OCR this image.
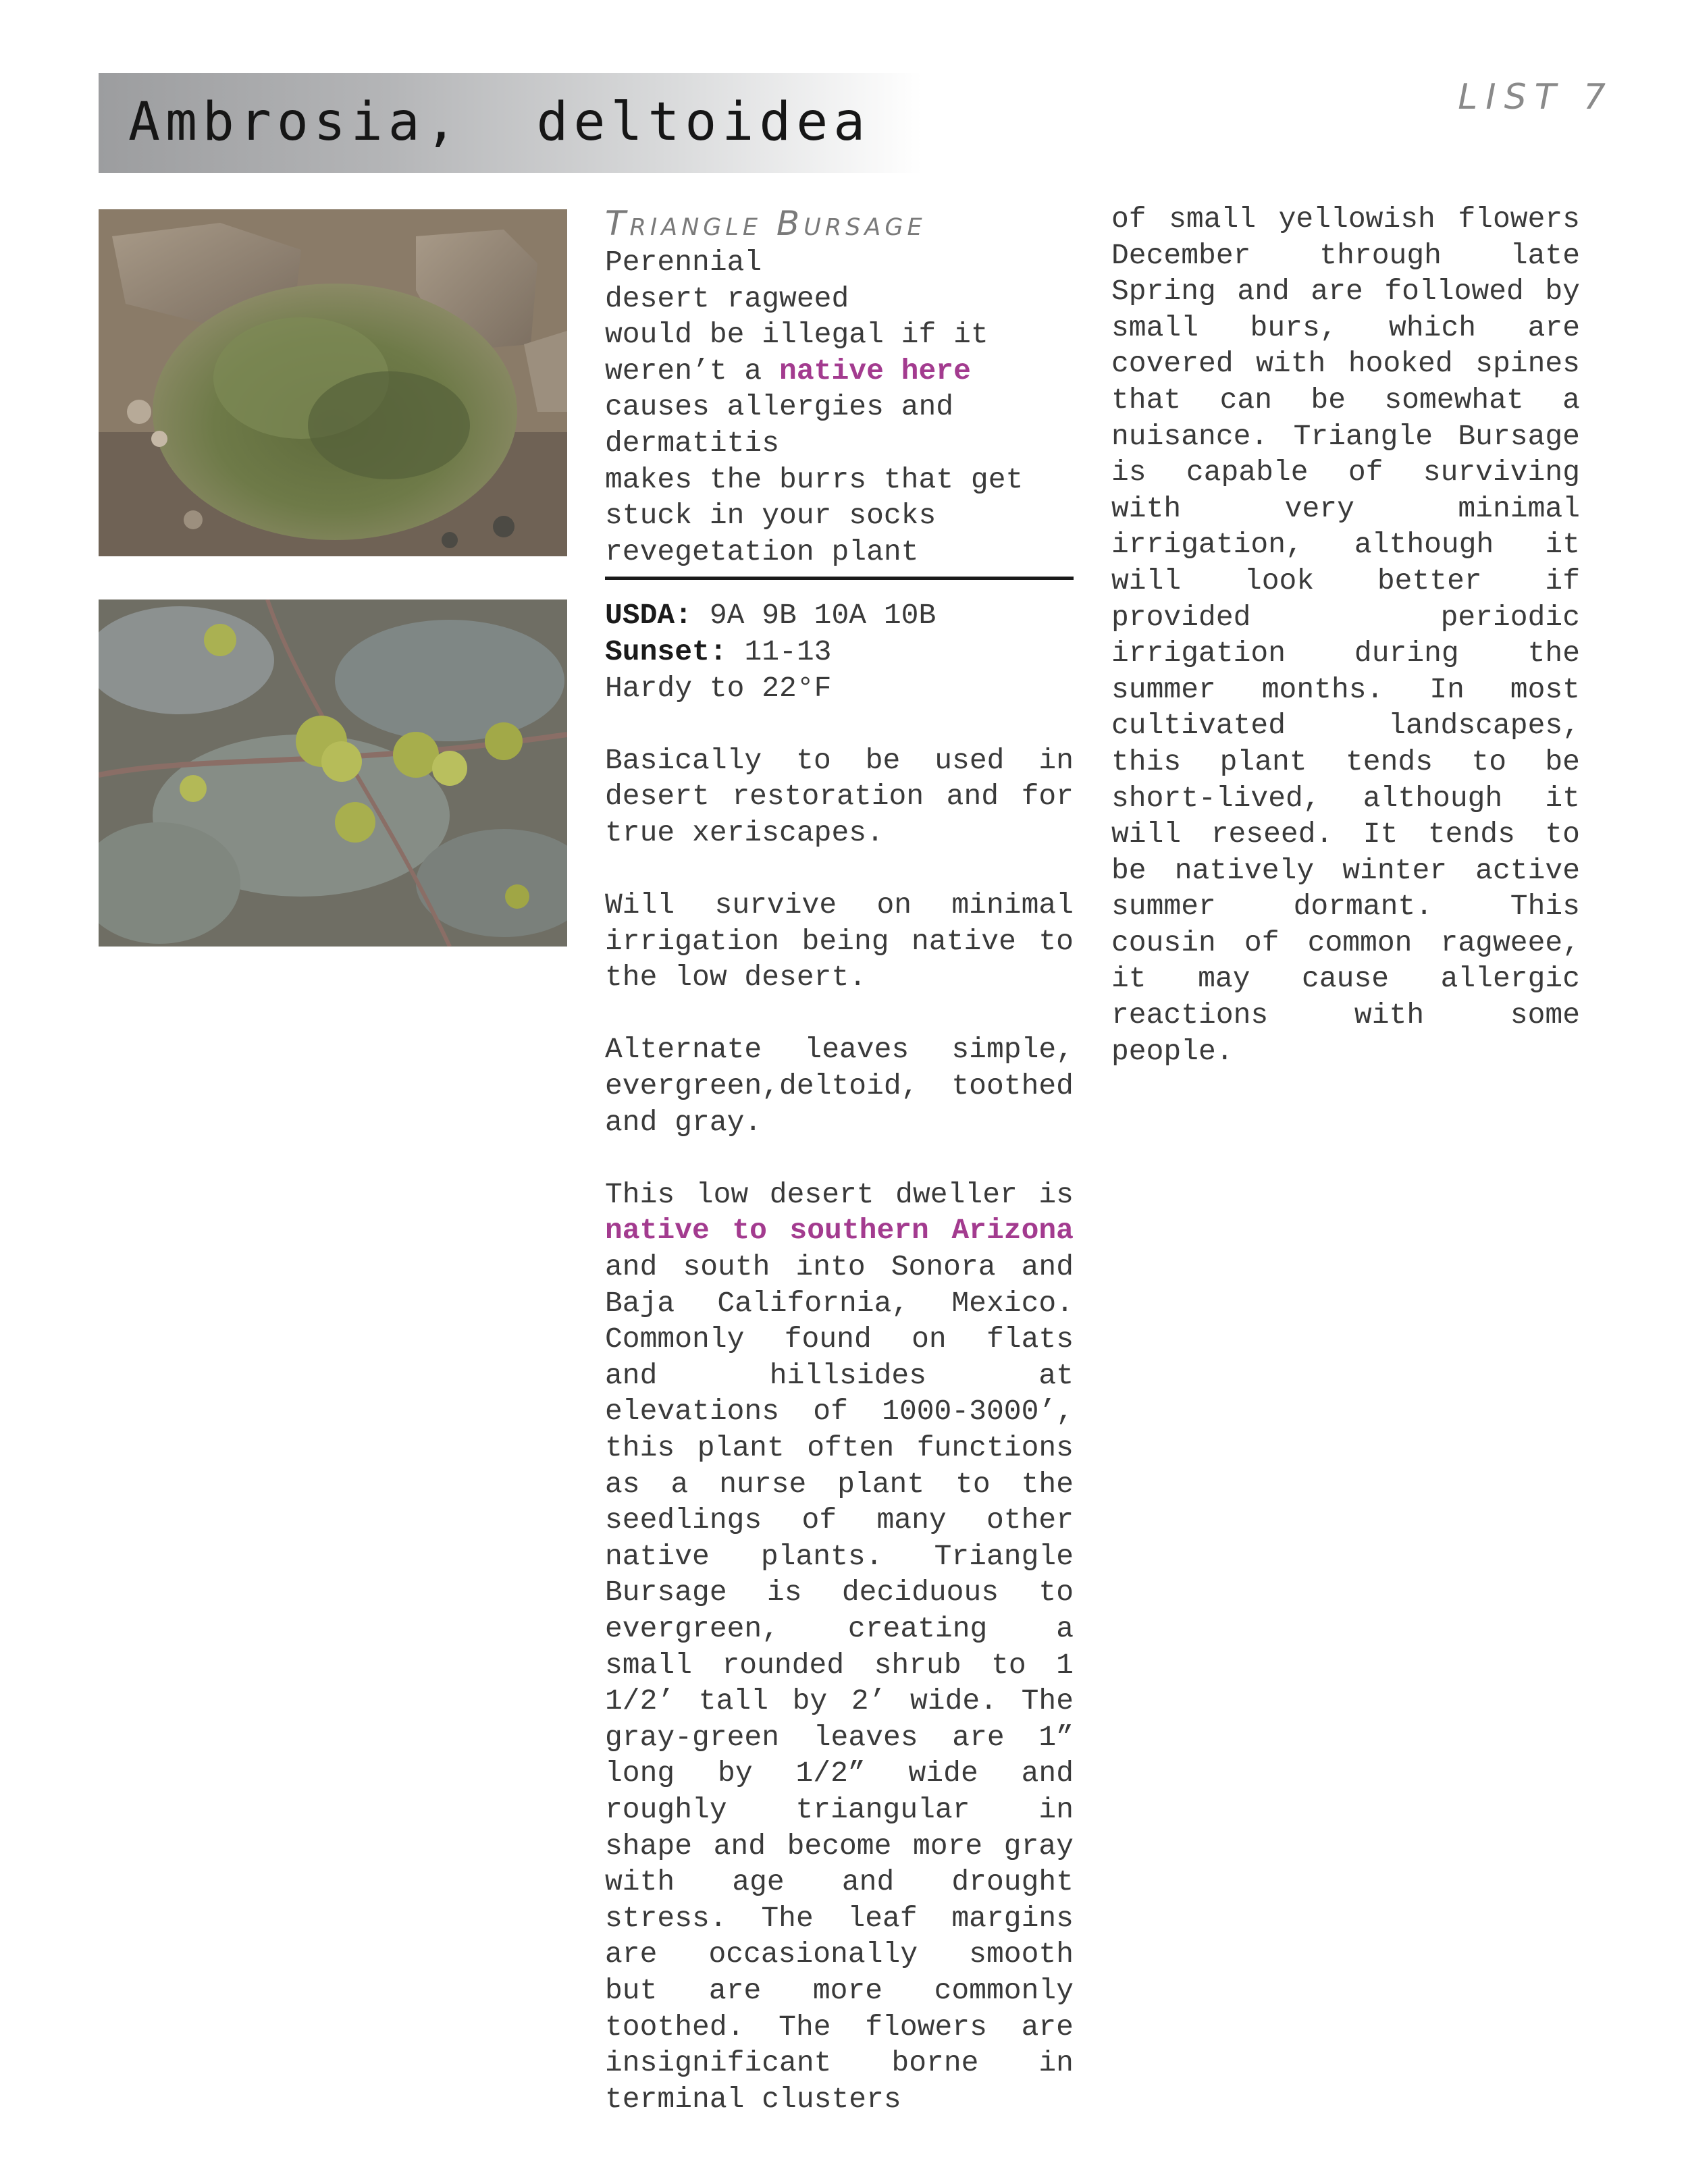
Ambrosia,  deltoidea	LIST 7
Triangle Bursage
Perennial
desert ragweed
would be illegal if it
weren’t a native here
causes allergies and
dermatitis
makes the burrs that get
stuck in your socks
revegetation plant
USDA: 9A 9B 10A 10B
Sunset: 11-13
Hardy to 22°F
Basically to be used in desert restoration and for true xeriscapes.
Will survive on minimal irrigation being native to the low desert.
Alternate leaves simple, evergreen,deltoid, toothed and gray.
This low desert dweller is native to southern Arizona and south into Sonora and Baja California, Mexico. Commonly found on flats and hillsides at elevations of 1000-3000’, this plant often functions as a nurse plant to the seedlings of many other native plants. Triangle Bursage is deciduous to evergreen, creating a small rounded shrub to 1 1/2’ tall by 2’ wide. The gray-green leaves are 1” long by 1/2” wide and roughly triangular in shape and become more gray with age and drought stress. The leaf margins are occasionally smooth but are more commonly toothed. The flowers are insignificant borne in terminal clusters
of small yellowish flowers December through late Spring and are followed by small burs, which are covered with hooked spines that can be somewhat a nuisance. Triangle Bursage is capable of surviving with very minimal irrigation, although it will look better if provided periodic irrigation during the summer months. In most cultivated landscapes, this plant tends to be short-lived, although it will reseed. It tends to be natively winter active summer dormant. This cousin of common ragweee, it may cause allergic reactions with some people.
